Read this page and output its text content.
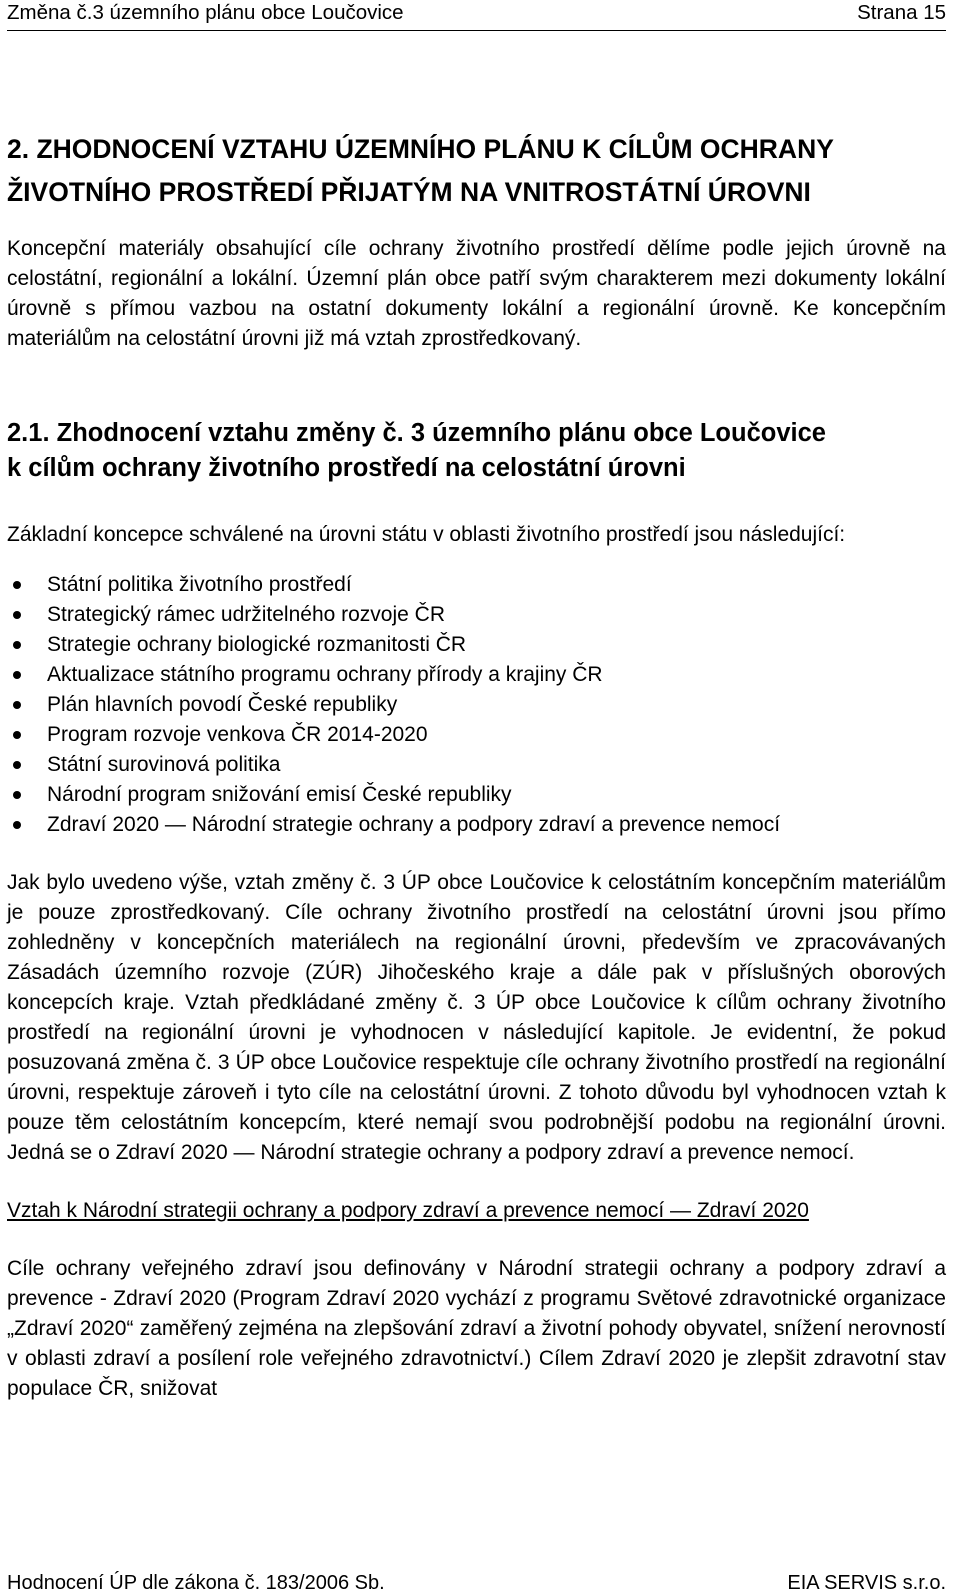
Změna č.3 územního plánu obce Loučovice	Strana 15
2. ZHODNOCENÍ VZTAHU ÚZEMNÍHO PLÁNU K CÍLŮM OCHRANY
ŽIVOTNÍHO PROSTŘEDÍ PŘIJATÝM NA VNITROSTÁTNÍ ÚROVNI

Koncepční materiály obsahující cíle ochrany životního prostředí dělíme podle jejich úrovně na celostátní, regionální a lokální. Územní plán obce patří svým charakterem mezi dokumenty lokální úrovně s přímou vazbou na ostatní dokumenty lokální a regionální úrovně. Ke koncepčním materiálům na celostátní úrovni již má vztah zprostředkovaný.

2.1. Zhodnocení vztahu změny č. 3 územního plánu obce Loučovice
k cílům ochrany životního prostředí na celostátní úrovni

Základní koncepce schválené na úrovni státu v oblasti životního prostředí jsou následující:

Státní politika životního prostředí
Strategický rámec udržitelného rozvoje ČR
Strategie ochrany biologické rozmanitosti ČR
Aktualizace státního programu ochrany přírody a krajiny ČR
Plán hlavních povodí České republiky
Program rozvoje venkova ČR 2014-2020
Státní surovinová politika
Národní program snižování emisí České republiky
Zdraví 2020 — Národní strategie ochrany a podpory zdraví a prevence nemocí

Jak bylo uvedeno výše, vztah změny č. 3 ÚP obce Loučovice k celostátním koncepčním materiálům je pouze zprostředkovaný. Cíle ochrany životního prostředí na celostátní úrovni jsou přímo zohledněny v koncepčních materiálech na regionální úrovni, především ve zpracovávaných Zásadách územního rozvoje (ZÚR) Jihočeského kraje a dále pak v příslušných oborových koncepcích kraje. Vztah předkládané změny č. 3 ÚP obce Loučovice k cílům ochrany životního prostředí na regionální úrovni je vyhodnocen v následující kapitole. Je evidentní, že pokud posuzovaná změna č. 3 ÚP obce Loučovice respektuje cíle ochrany životního prostředí na regionální úrovni, respektuje zároveň i tyto cíle na celostátní úrovni. Z tohoto důvodu byl vyhodnocen vztah k pouze těm celostátním koncepcím, které nemají svou podrobnější podobu na regionální úrovni. Jedná se o Zdraví 2020 — Národní strategie ochrany a podpory zdraví a prevence nemocí.

Vztah k Národní strategii ochrany a podpory zdraví a prevence nemocí — Zdraví 2020

Cíle ochrany veřejného zdraví jsou definovány v Národní strategii ochrany a podpory zdraví a prevence - Zdraví 2020 (Program Zdraví 2020 vychází z programu Světové zdravotnické organizace „Zdraví 2020“ zaměřený zejména na zlepšování zdraví a životní pohody obyvatel, snížení nerovností v oblasti zdraví a posílení role veřejného zdravotnictví.) Cílem Zdraví 2020 je zlepšit zdravotní stav populace ČR, snižovat

Hodnocení ÚP dle zákona č. 183/2006 Sb.	EIA SERVIS s.r.o.
